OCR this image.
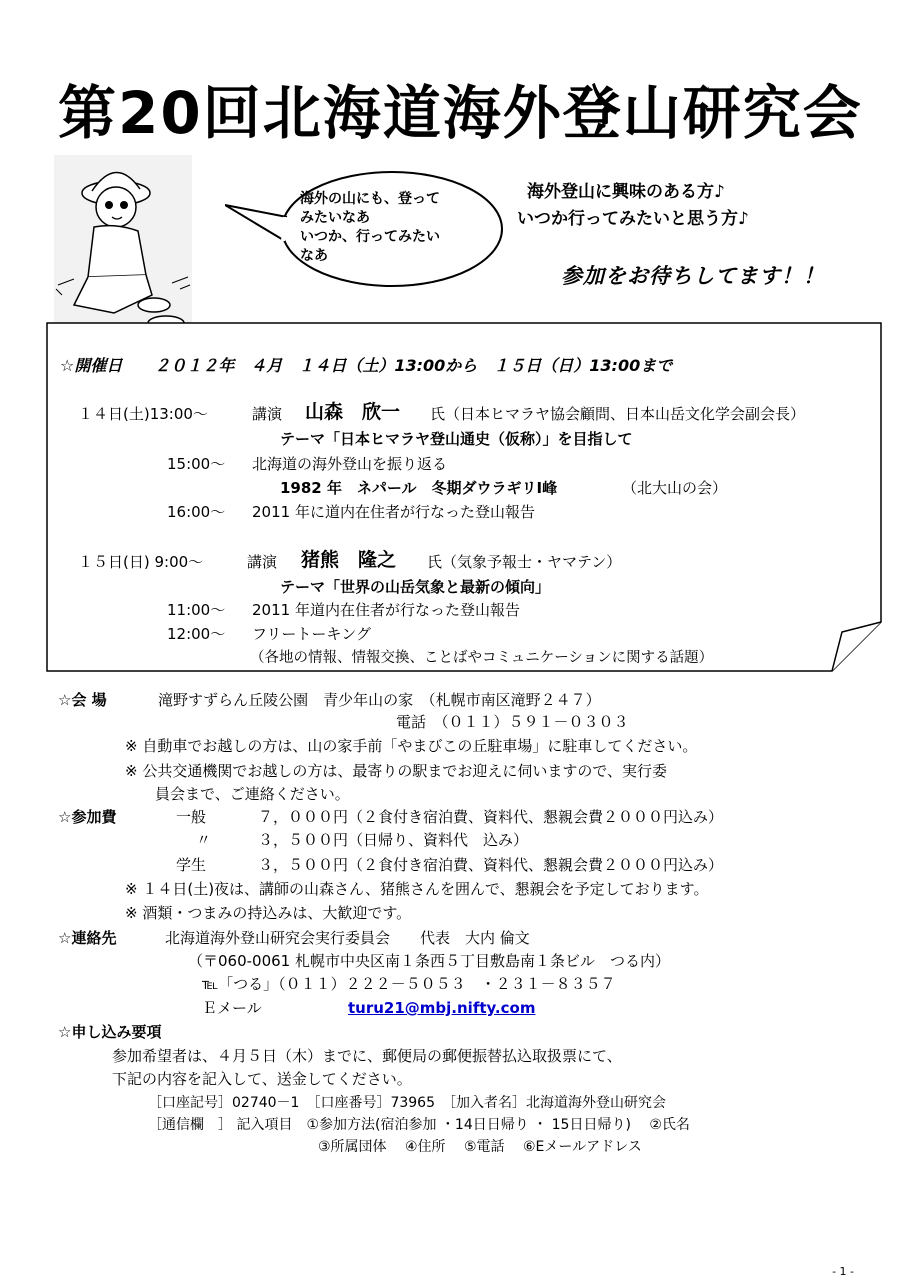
第20回北海道海外登山研究会
海外の山にも、登って
みたいなあ
いつか、行ってみたい
なあ
海外登山に興味のある方♪
いつか行ってみたいと思う方♪
参加をお待ちしてます！！
☆開催日　　２０１２年　４月　１４日（土）13:00から　１５日（日）13:00まで
１４日(土)13:00～	講演 山森　欣一 氏（日本ヒマラヤ協会顧問、日本山岳文化学会副会長）
テーマ「日本ヒマラヤ登山通史（仮称）」を目指して
15:00～ 北海道の海外登山を振り返る
1982 年　ネパール　冬期ダウラギリⅠ峰	（北大山の会）
16:00～ 2011 年に道内在住者が行なった登山報告
１５日(日) 9:00～	講演 猪熊　隆之 氏（気象予報士・ヤマテン）
テーマ「世界の山岳気象と最新の傾向」
11:00～ 2011 年道内在住者が行なった登山報告
12:00～ フリートーキング
（各地の情報、情報交換、ことばやコミュニケーションに関する話題）
☆会 場	滝野すずらん丘陵公園　青少年山の家　（札幌市南区滝野２４７）
電話　（０１１）５９１－０３０３
※ 自動車でお越しの方は、山の家手前「やまびこの丘駐車場」に駐車してください。
※ 公共交通機関でお越しの方は、最寄りの駅までお迎えに伺いますので、実行委
員会まで、ご連絡ください。
☆参加費	一般	７，０００円（２食付き宿泊費、資料代、懇親会費２０００円込み）
〃	３，５００円（日帰り、資料代　込み）
学生	３，５００円（２食付き宿泊費、資料代、懇親会費２０００円込み）
※ １４日(土)夜は、講師の山森さん、猪熊さんを囲んで、懇親会を予定しております。
※ 酒類・つまみの持込みは、大歓迎です。
☆連絡先	北海道海外登山研究会実行委員会　　代表　大内 倫文
（〒060-0061 札幌市中央区南１条西５丁目敷島南１条ビル　つる内）
℡「つる」（０１１）２２２－５０５３　・２３１－８３５７
Ｅメール	turu21@mbj.nifty.com
☆申し込み要項
参加希望者は、４月５日（木）までに、郵便局の郵便振替払込取扱票にて、
下記の内容を記入して、送金してください。
［口座記号］02740－1　［口座番号］73965　［加入者名］北海道海外登山研究会
［通信欄　］ 記入項目　①参加方法(宿泊参加 ・14日日帰り ・ 15日日帰り)　 ②氏名
③所属団体　 ④住所　 ⑤電話　 ⑥Eメールアドレス
- 1 -
